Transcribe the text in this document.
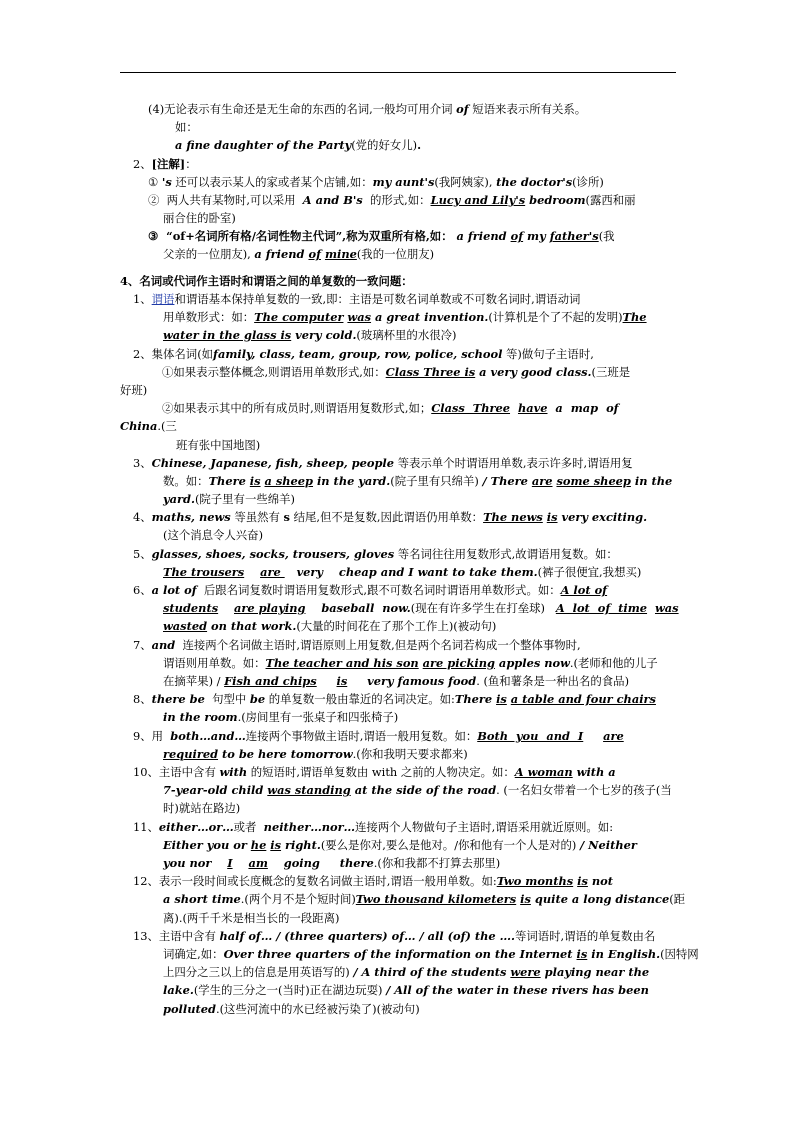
(4)无论表示有生命还是无生命的东西的名词,一般均可用介词 of 短语来表示所有关系。
如：
a fine daughter of the Party(党的好女儿).
2、[注解]：
① 's 还可以表示某人的家或者某个店铺,如：my aunt's(我阿姨家), the doctor's(诊所)
②  两人共有某物时,可以采用  A and B's  的形式,如：Lucy and Lily's bedroom(露西和丽
丽合住的卧室)
③  “of+名词所有格/名词性物主代词”,称为双重所有格,如： a friend of my father's(我
父亲的一位朋友), a friend of mine(我的一位朋友)
4、名词或代词作主语时和谓语之间的单复数的一致问题：
1、谓语和谓语基本保持单复数的一致,即：主语是可数名词单数或不可数名词时,谓语动词
用单数形式：如：The computer was a great invention.(计算机是个了不起的发明)The
water in the glass is very cold.(玻璃杯里的水很冷)
2、集体名词(如family, class, team, group, row, police, school 等)做句子主语时,
①如果表示整体概念,则谓语用单数形式,如：Class Three is a very good class.(三班是
好班)
②如果表示其中的所有成员时,则谓语用复数形式,如；Class  Three have  a  map  of
China.(三
班有张中国地图)
3、Chinese, Japanese, fish, sheep, people 等表示单个时谓语用单数,表示许多时,谓语用复
数。如：There is a sheep in the yard.(院子里有只绵羊) / There are some sheep in the
yard.(院子里有一些绵羊)
4、maths, news 等虽然有 s 结尾,但不是复数,因此谓语仍用单数：The news is very exciting.
(这个消息令人兴奋)
5、glasses, shoes, socks, trousers, gloves 等名词往往用复数形式,故谓语用复数。如：
The trousers are    very    cheap and I want to take them.(裤子很便宜,我想买)
6、a lot of  后跟名词复数时谓语用复数形式,跟不可数名词时谓语用单数形式。如：A lot of
students are playing    baseball  now.(现在有许多学生在打垒球)   A  lot  of  time was
wasted on that work.(大量的时间花在了那个工作上)(被动句)
7、and  连接两个名词做主语时,谓语原则上用复数,但是两个名词若构成一个整体事物时,
谓语则用单数。如：The teacher and his son are picking apples now.(老师和他的儿子
在摘苹果) / Fish and chips is     very famous food. (鱼和薯条是一种出名的食品)
8、there be  句型中 be 的单复数一般由靠近的名词决定。如:There is a table and four chairs
in the room.(房间里有一张桌子和四张椅子)
9、用  both…and…连接两个事物做主语时,谓语一般用复数。如：Both  you  and  I are
required to be here tomorrow.(你和我明天要求都来)
10、主语中含有 with 的短语时,谓语单复数由 with 之前的人物决定。如：A woman with a
7-year-old child was standing at the side of the road. (一名妇女带着一个七岁的孩子(当
时)就站在路边)
11、either…or…或者  neither…nor…连接两个人物做句子主语时,谓语采用就近原则。如:
Either you or he is right.(要么是你对,要么是他对。/你和他有一个人是对的) / Neither
you nor    I am    going     there.(你和我都不打算去那里)
12、表示一段时间或长度概念的复数名词做主语时,谓语一般用单数。如:Two months is not
a short time.(两个月不是个短时间)Two thousand kilometers is quite a long distance(距
离).(两千千米是相当长的一段距离)
13、主语中含有 half of… / (three quarters) of… / all (of) the ….等词语时,谓语的单复数由名
词确定,如：Over three quarters of the information on the Internet is in English.(因特网
上四分之三以上的信息是用英语写的) / A third of the students were playing near the
lake.(学生的三分之一(当时)正在湖边玩耍) / All of the water in these rivers has been
polluted.(这些河流中的水已经被污染了)(被动句)
